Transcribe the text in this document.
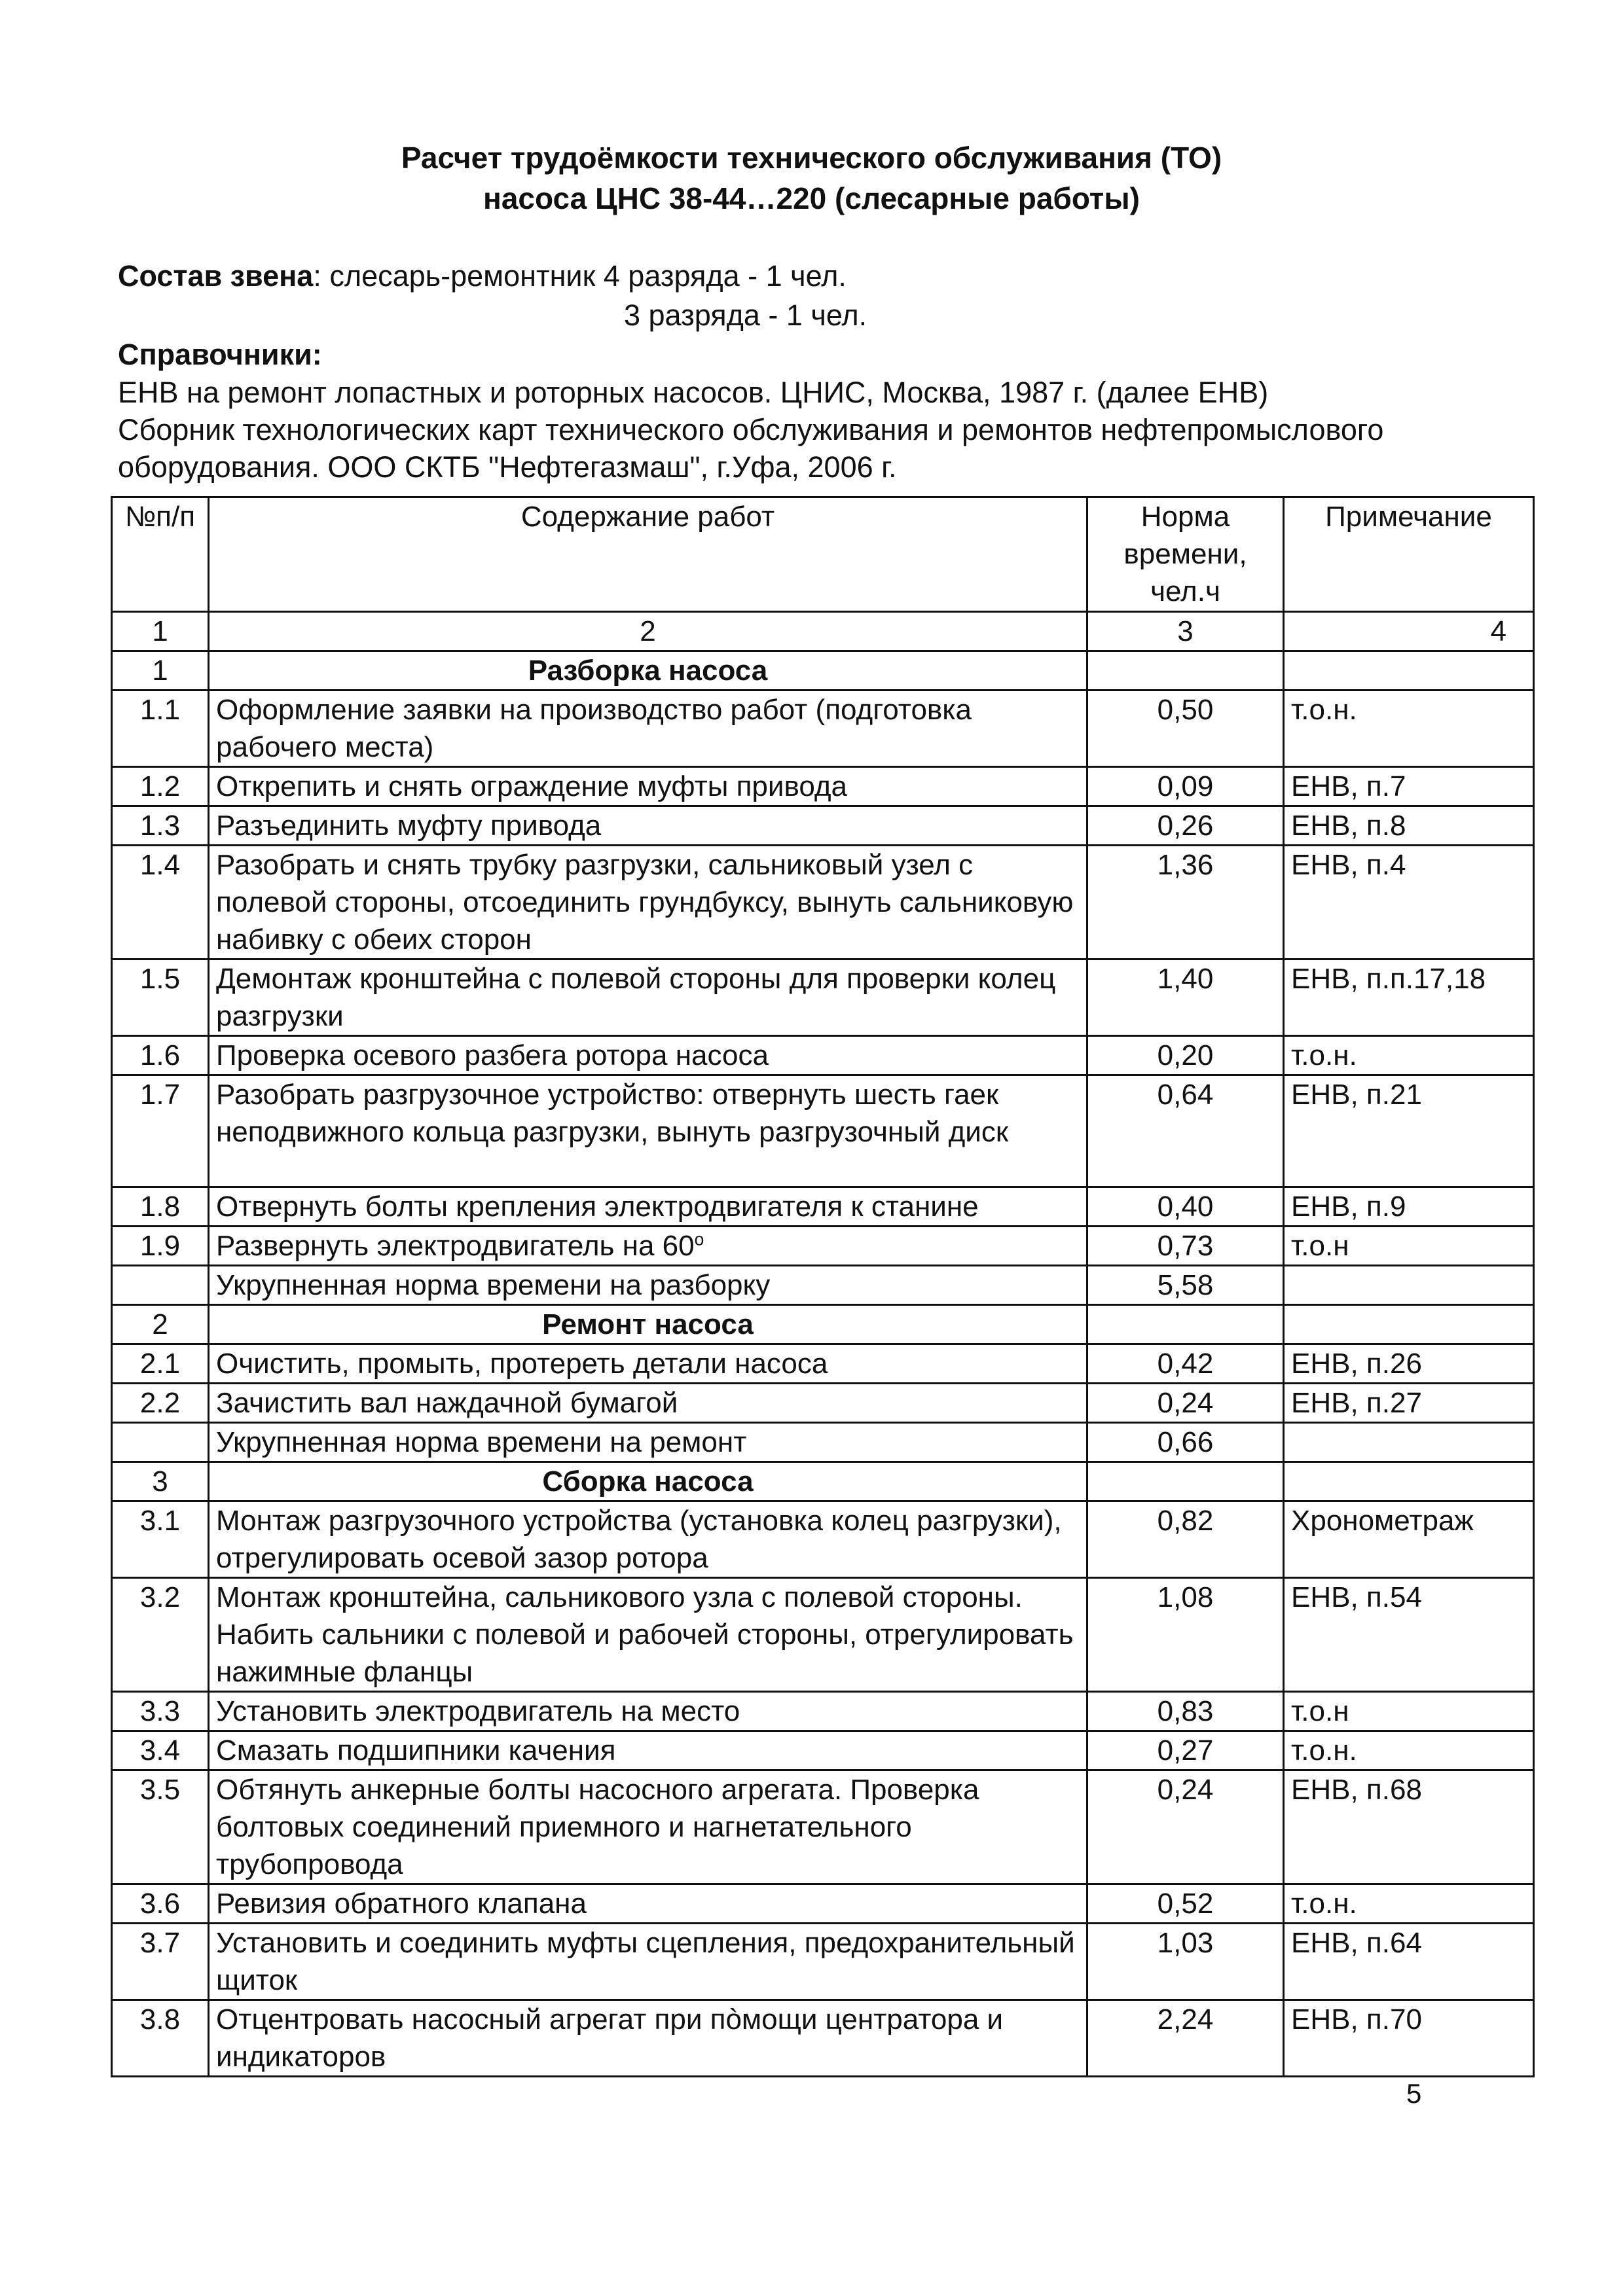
Расчет трудоёмкости технического обслуживания (ТО)
насоса ЦНС 38-44…220 (слесарные работы)
Состав звена: слесарь-ремонтник 4 разряда - 1 чел.
3 разряда - 1 чел.
Справочники:
ЕНВ на ремонт лопастных и роторных насосов. ЦНИС, Москва, 1987 г. (далее ЕНВ)
Сборник технологических карт технического обслуживания и ремонтов нефтепромыслового
оборудования. ООО СКТБ "Нефтегазмаш", г.Уфа, 2006 г.
№п/п	Содержание работ	Норма времени, чел.ч	Примечание
1	2	3	4
1	Разборка насоса		
1.1	Оформление заявки на производство работ (подготовка рабочего места)	0,50	т.о.н.
1.2	Открепить и снять ограждение муфты привода	0,09	ЕНВ, п.7
1.3	Разъединить муфту привода	0,26	ЕНВ, п.8
1.4	Разобрать и снять трубку разгрузки, сальниковый узел с полевой стороны, отсоединить грундбуксу, вынуть сальниковую набивку с обеих сторон	1,36	ЕНВ, п.4
1.5	Демонтаж кронштейна с полевой стороны для проверки колец разгрузки	1,40	ЕНВ, п.п.17,18
1.6	Проверка осевого разбега ротора насоса	0,20	т.о.н.
1.7	Разобрать разгрузочное устройство: отвернуть шесть гаек неподвижного кольца разгрузки, вынуть разгрузочный диск	0,64	ЕНВ, п.21
1.8	Отвернуть болты крепления электродвигателя к станине	0,40	ЕНВ, п.9
1.9	Развернуть электродвигатель на 60$^o$	0,73	т.о.н
	Укрупненная норма времени на разборку	5,58	
2	Ремонт насоса		
2.1	Очистить, промыть, протереть детали насоса	0,42	ЕНВ, п.26
2.2	Зачистить вал наждачной бумагой	0,24	ЕНВ, п.27
	Укрупненная норма времени на ремонт	0,66	
3	Сборка насоса		
3.1	Монтаж разгрузочного устройства (установка колец разгрузки), отрегулировать осевой зазор ротора	0,82	Хронометраж
3.2	Монтаж кронштейна, сальникового узла с полевой стороны. Набить сальники с полевой и рабочей стороны, отрегулировать нажимные фланцы	1,08	ЕНВ, п.54
3.3	Установить электродвигатель на место	0,83	т.о.н
3.4	Смазать подшипники качения	0,27	т.о.н.
3.5	Обтянуть анкерные болты насосного агрегата. Проверка болтовых соединений приемного и нагнетательного трубопровода	0,24	ЕНВ, п.68
3.6	Ревизия обратного клапана	0,52	т.о.н.
3.7	Установить и соединить муфты сцепления, предохранительный щиток	1,03	ЕНВ, п.64
3.8	Отцентровать насосный агрегат при пòмощи центратора и индикаторов	2,24	ЕНВ, п.70
5
